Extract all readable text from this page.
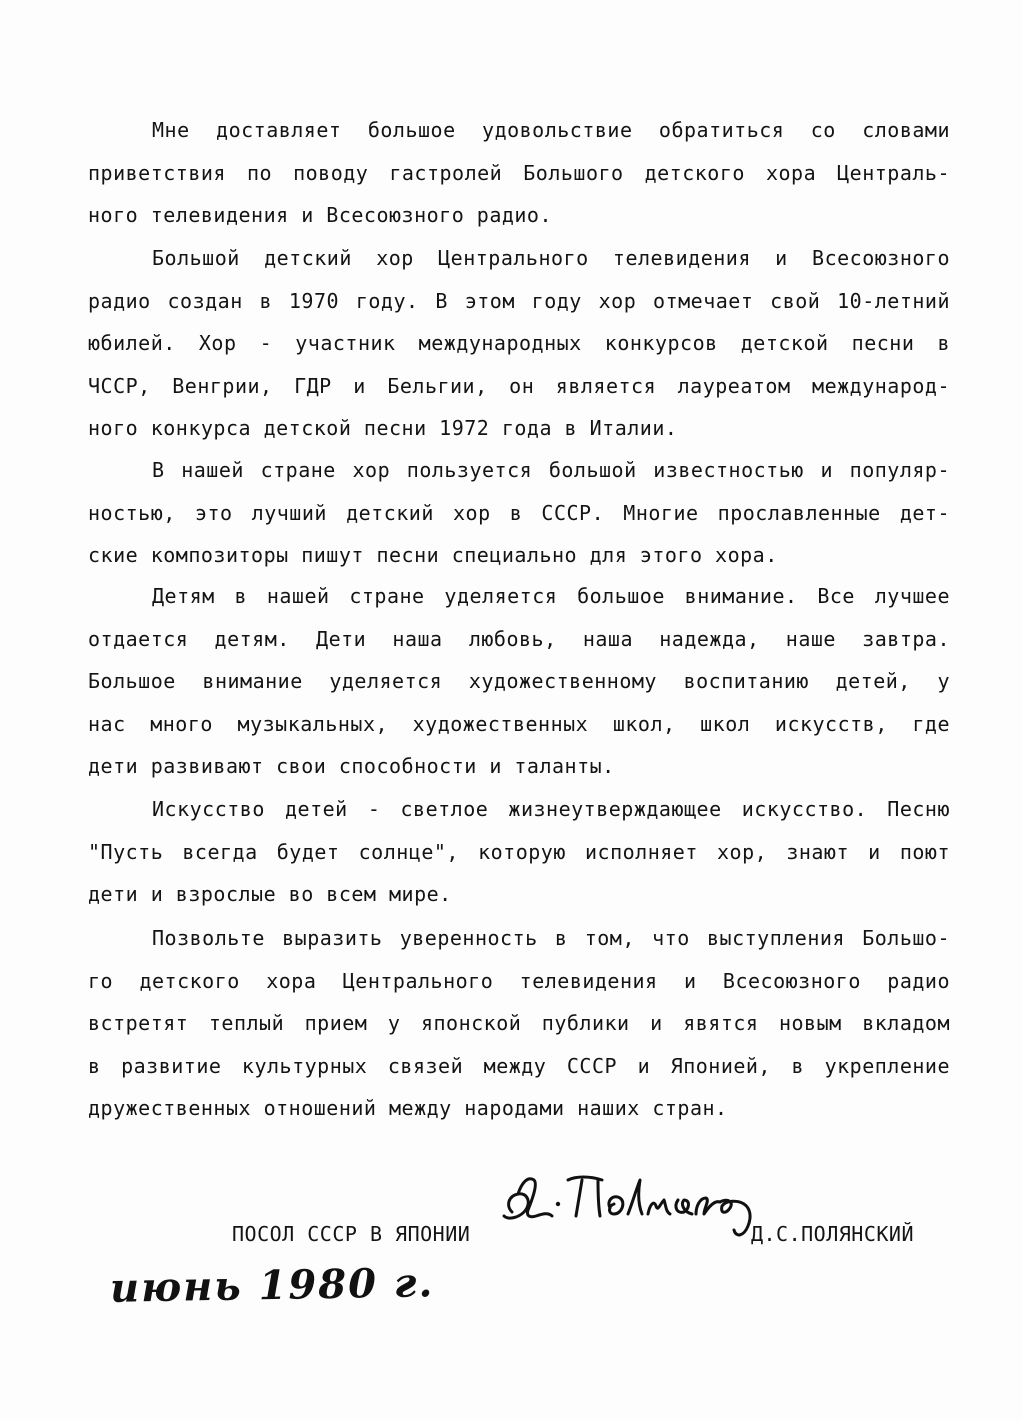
Мне доставляет большое удовольствие обратиться со словами
приветствия по поводу гастролей Большого детского хора Централь-
ного телевидения и Всесоюзного радио.
Большой детский хор Центрального телевидения и Всесоюзного
радио создан в 1970 году. В этом году хор отмечает свой 10-летний
юбилей. Хор - участник международных конкурсов детской песни в
ЧССР, Венгрии, ГДР и Бельгии, он является лауреатом международ-
ного конкурса детской песни 1972 года в Италии.
В нашей стране хор пользуется большой известностью и популяр-
ностью, это лучший детский хор в СССР. Многие прославленные дет-
ские композиторы пишут песни специально для этого хора.
Детям в нашей стране уделяется большое внимание. Все лучшее
отдается детям. Дети наша любовь, наша надежда, наше завтра.
Большое внимание уделяется художественному воспитанию детей, у
нас много музыкальных, художественных школ, школ искусств, где
дети развивают свои способности и таланты.
Искусство детей - светлое жизнеутверждающее искусство. Песню
"Пусть всегда будет солнце", которую исполняет хор, знают и поют
дети и взрослые во всем мире.
Позвольте выразить уверенность в том, что выступления Большо-
го детского хора Центрального телевидения и Всесоюзного радио
встретят теплый прием у японской публики и явятся новым вкладом
в развитие культурных связей между СССР и Японией, в укрепление
дружественных отношений между народами наших стран.
ПОСОЛ СССР В ЯПОНИИ	Д.С.ПОЛЯНСКИЙ
июнь 1980 г.
